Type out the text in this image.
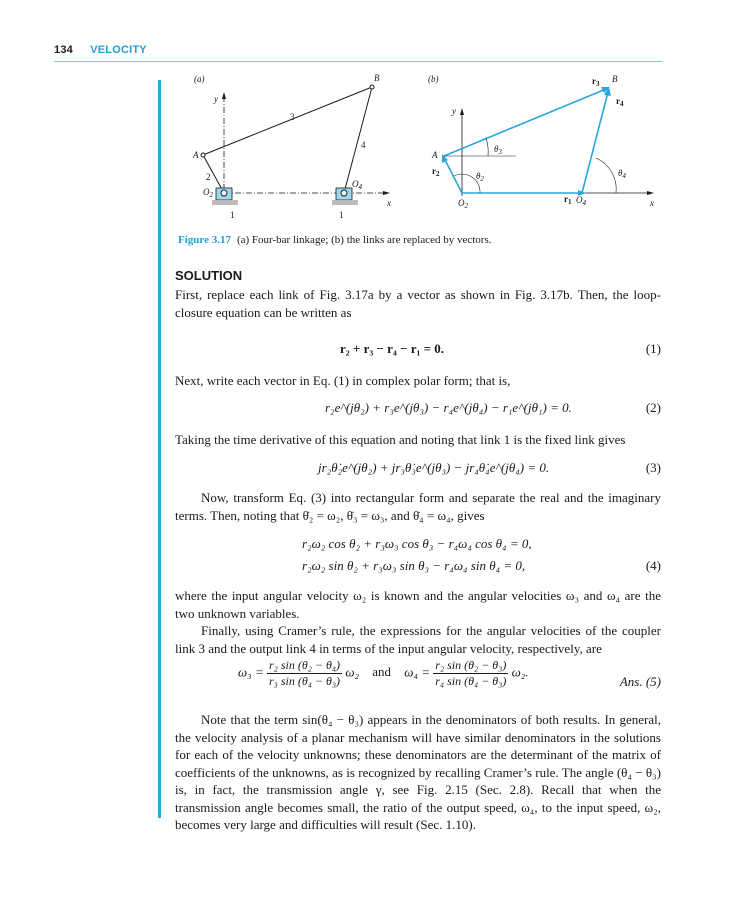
134 VELOCITY
(a)
y
x
B
A
3
4
2
$O_2$
$O_4$
1	1
(b)
y
x
B
A
$r_3$
$r_4$
$r_2$
$r_1$ $O_4$
$O_2$
$\theta_3$
$\theta_2$
$\theta_4$
Figure 3.17 (a) Four-bar linkage; (b) the links are replaced by vectors.
SOLUTION
First, replace each link of Fig. 3.17a by a vector as shown in Fig. 3.17b. Then, the loop-closure equation can be written as
r₂ + r₃ − r₄ − r₁ = 0.	(1)
Next, write each vector in Eq. (1) in complex polar form; that is,
r₂e^(jθ₂) + r₃e^(jθ₃) − r₄e^(jθ₄) − r₁e^(jθ₁) = 0.	(2)
Taking the time derivative of this equation and noting that link 1 is the fixed link gives
jr₂θ̇₂e^(jθ₂) + jr₃θ̇₃e^(jθ₃) − jr₄θ̇₄e^(jθ₄) = 0.	(3)
Now, transform Eq. (3) into rectangular form and separate the real and the imaginary terms. Then, noting that θ̇₂ = ω₂, θ̇₃ = ω₃, and θ̇₄ = ω₄, gives
r₂ω₂ cos θ₂ + r₃ω₃ cos θ₃ − r₄ω₄ cos θ₄ = 0,
r₂ω₂ sin θ₂ + r₃ω₃ sin θ₃ − r₄ω₄ sin θ₄ = 0,	(4)
where the input angular velocity ω₂ is known and the angular velocities ω₃ and ω₄ are the two unknown variables.
Finally, using Cramer’s rule, the expressions for the angular velocities of the coupler link 3 and the output link 4 in terms of the input angular velocity, respectively, are
$\omega_3 = \frac{\text{r₂ sin (θ₂ − θ₄)}}{\text{r₃ sin (θ₄ − θ₃)}} \omega_2$ and $\omega_4 = \frac{\text{r₂ sin (θ₂ − θ₃)}}{\text{r₄ sin (θ₄ − θ₃)}} \omega_2$.
Ans. (5)
Note that the term sin(θ₄ − θ₃) appears in the denominators of both results. In general, the velocity analysis of a planar mechanism will have similar denominators in the solutions for each of the velocity unknowns; these denominators are the determinant of the matrix of coefficients of the unknowns, as is recognized by recalling Cramer’s rule. The angle (θ₄ − θ₃) is, in fact, the transmission angle γ, see Fig. 2.15 (Sec. 2.8). Recall that when the transmission angle becomes small, the ratio of the output speed, ω₄, to the input speed, ω₂, becomes very large and difficulties will result (Sec. 1.10).
